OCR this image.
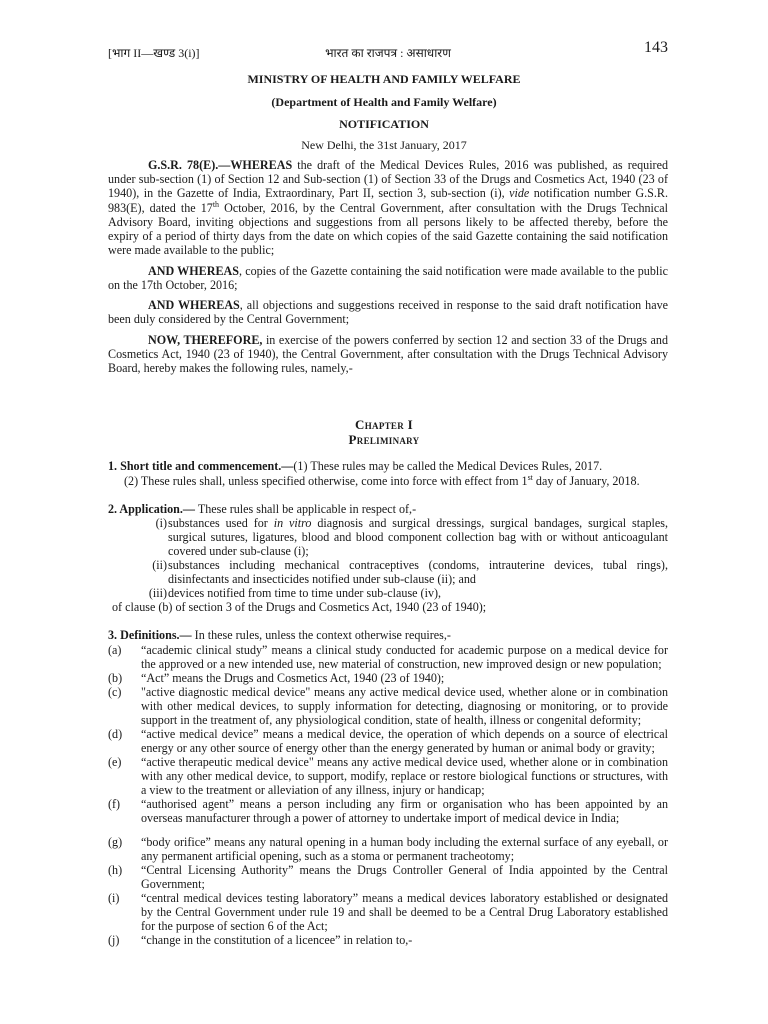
[भाग II—खण्ड 3(i)]	भारत का राजपत्र : असाधारण	143
MINISTRY OF HEALTH AND FAMILY WELFARE
(Department of Health and Family Welfare)
NOTIFICATION
New Delhi, the 31st January, 2017
G.S.R. 78(E).—WHEREAS the draft of the Medical Devices Rules, 2016 was published, as required under sub-section (1) of Section 12 and Sub-section (1) of Section 33 of the Drugs and Cosmetics Act, 1940 (23 of 1940), in the Gazette of India, Extraordinary, Part II, section 3, sub-section (i), vide notification number G.S.R. 983(E), dated the 17th October, 2016, by the Central Government, after consultation with the Drugs Technical Advisory Board, inviting objections and suggestions from all persons likely to be affected thereby, before the expiry of a period of thirty days from the date on which copies of the said Gazette containing the said notification were made available to the public;
AND WHEREAS, copies of the Gazette containing the said notification were made available to the public on the 17th October, 2016;
AND WHEREAS, all objections and suggestions received in response to the said draft notification have been duly considered by the Central Government;
NOW, THEREFORE, in exercise of the powers conferred by section 12 and section 33 of the Drugs and Cosmetics Act, 1940 (23 of 1940), the Central Government, after consultation with the Drugs Technical Advisory Board, hereby makes the following rules, namely,-
Chapter I
Preliminary
1. Short title and commencement.—(1) These rules may be called the Medical Devices Rules, 2017.
(2) These rules shall, unless specified otherwise, come into force with effect from 1st day of January, 2018.
2. Application.— These rules shall be applicable in respect of,-
(i) substances used for in vitro diagnosis and surgical dressings, surgical bandages, surgical staples, surgical sutures, ligatures, blood and blood component collection bag with or without anticoagulant covered under sub-clause (i);
(ii) substances including mechanical contraceptives (condoms, intrauterine devices, tubal rings), disinfectants and insecticides notified under sub-clause (ii); and
(iii) devices notified from time to time under sub-clause (iv),
of clause (b) of section 3 of the Drugs and Cosmetics Act, 1940 (23 of 1940);
3. Definitions.— In these rules, unless the context otherwise requires,-
(a) “academic clinical study” means a clinical study conducted for academic purpose on a medical device for the approved or a new intended use, new material of construction, new improved design or new population;
(b) “Act” means the Drugs and Cosmetics Act, 1940 (23 of 1940);
(c) "active diagnostic medical device" means any active medical device used, whether alone or in combination with other medical devices, to supply information for detecting, diagnosing or monitoring, or to provide support in the treatment of, any physiological condition, state of health, illness or congenital deformity;
(d) “active medical device” means a medical device, the operation of which depends on a source of electrical energy or any other source of energy other than the energy generated by human or animal body or gravity;
(e) “active therapeutic medical device" means any active medical device used, whether alone or in combination with any other medical device, to support, modify, replace or restore biological functions or structures, with a view to the treatment or alleviation of any illness, injury or handicap;
(f) “authorised agent” means a person including any firm or organisation who has been appointed by an overseas manufacturer through a power of attorney to undertake import of medical device in India;
(g) “body orifice” means any natural opening in a human body including the external surface of any eyeball, or any permanent artificial opening, such as a stoma or permanent tracheotomy;
(h) “Central Licensing Authority” means the Drugs Controller General of India appointed by the Central Government;
(i) “central medical devices testing laboratory” means a medical devices laboratory established or designated by the Central Government under rule 19 and shall be deemed to be a Central Drug Laboratory established for the purpose of section 6 of the Act;
(j) “change in the constitution of a licencee” in relation to,-
